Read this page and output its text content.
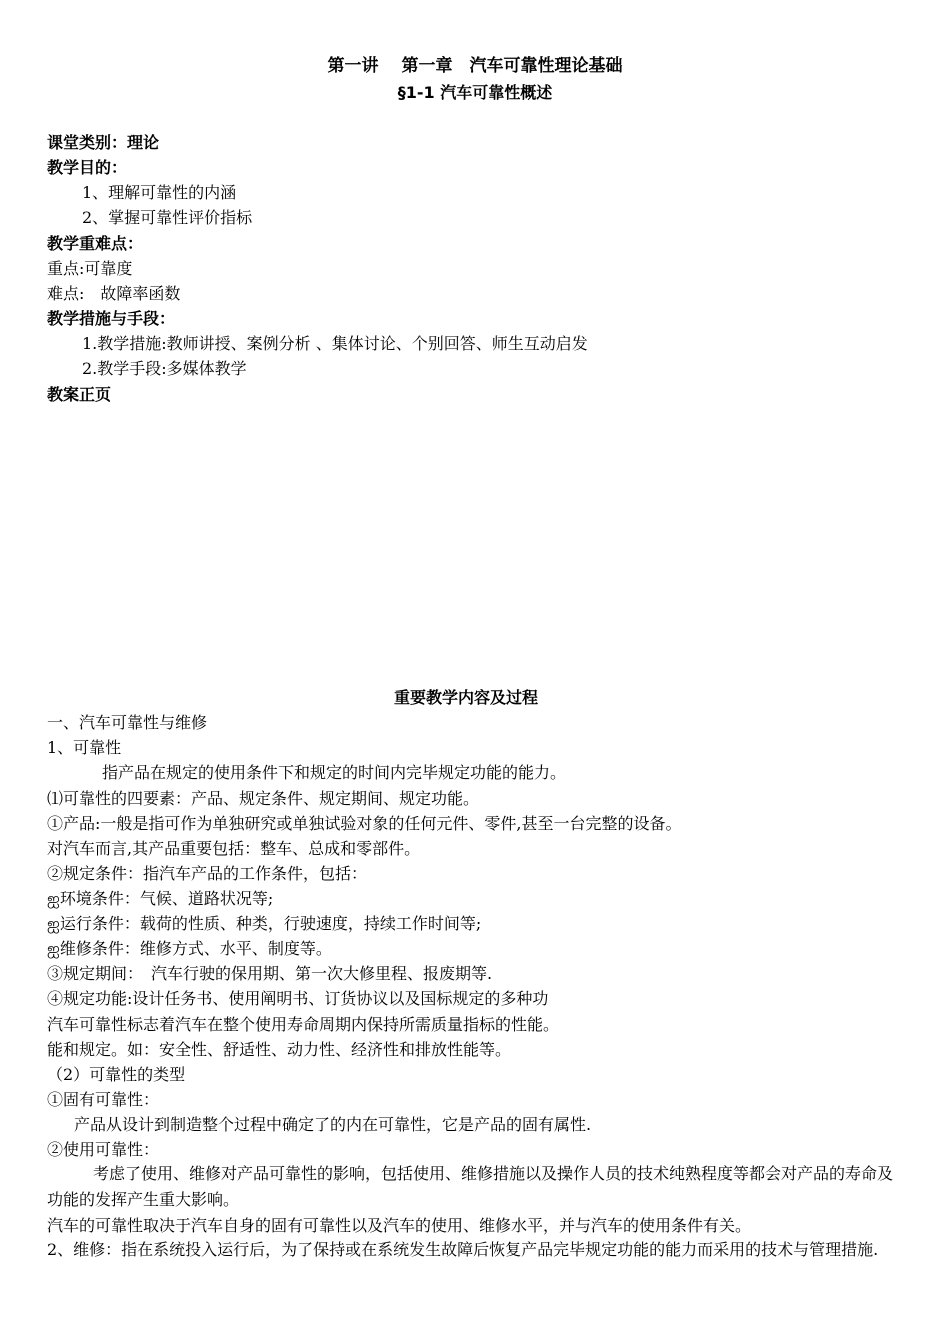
第一讲　 第一章　汽车可靠性理论基础
§1-1 汽车可靠性概述
课堂类别：理论
教学目的：
1、理解可靠性的内涵
2、掌握可靠性评价指标
教学重难点：
重点:可靠度
难点:　故障率函数
教学措施与手段：
1.教学措施:教师讲授、案例分析 、集体讨论、个别回答、师生互动启发
2.教学手段:多媒体教学
教案正页
重要教学内容及过程
一、汽车可靠性与维修
1、可靠性
指产品在规定的使用条件下和规定的时间内完毕规定功能的能力。
⑴可靠性的四要素：产品、规定条件、规定期间、规定功能。
①产品:一般是指可作为单独研究或单独试验对象的任何元件、零件,甚至一台完整的设备。
对汽车而言,其产品重要包括：整车、总成和零部件。
②规定条件：指汽车产品的工作条件，包括：
ஐ环境条件：气候、道路状况等;
ஐ运行条件：载荷的性质、种类，行驶速度，持续工作时间等;
ஐ维修条件：维修方式、水平、制度等。
③规定期间：　汽车行驶的保用期、第一次大修里程、报废期等.
④规定功能:设计任务书、使用阐明书、订货协议以及国标规定的多种功
汽车可靠性标志着汽车在整个使用寿命周期内保持所需质量指标的性能。
能和规定。如：安全性、舒适性、动力性、经济性和排放性能等。
（2）可靠性的类型
①固有可靠性：
产品从设计到制造整个过程中确定了的内在可靠性，它是产品的固有属性.
②使用可靠性：
考虑了使用、维修对产品可靠性的影响，包括使用、维修措施以及操作人员的技术纯熟程度等都会对产品的寿命及功能的发挥产生重大影响。
汽车的可靠性取决于汽车自身的固有可靠性以及汽车的使用、维修水平，并与汽车的使用条件有关。
2、维修：指在系统投入运行后，为了保持或在系统发生故障后恢复产品完毕规定功能的能力而采用的技术与管理措施.
